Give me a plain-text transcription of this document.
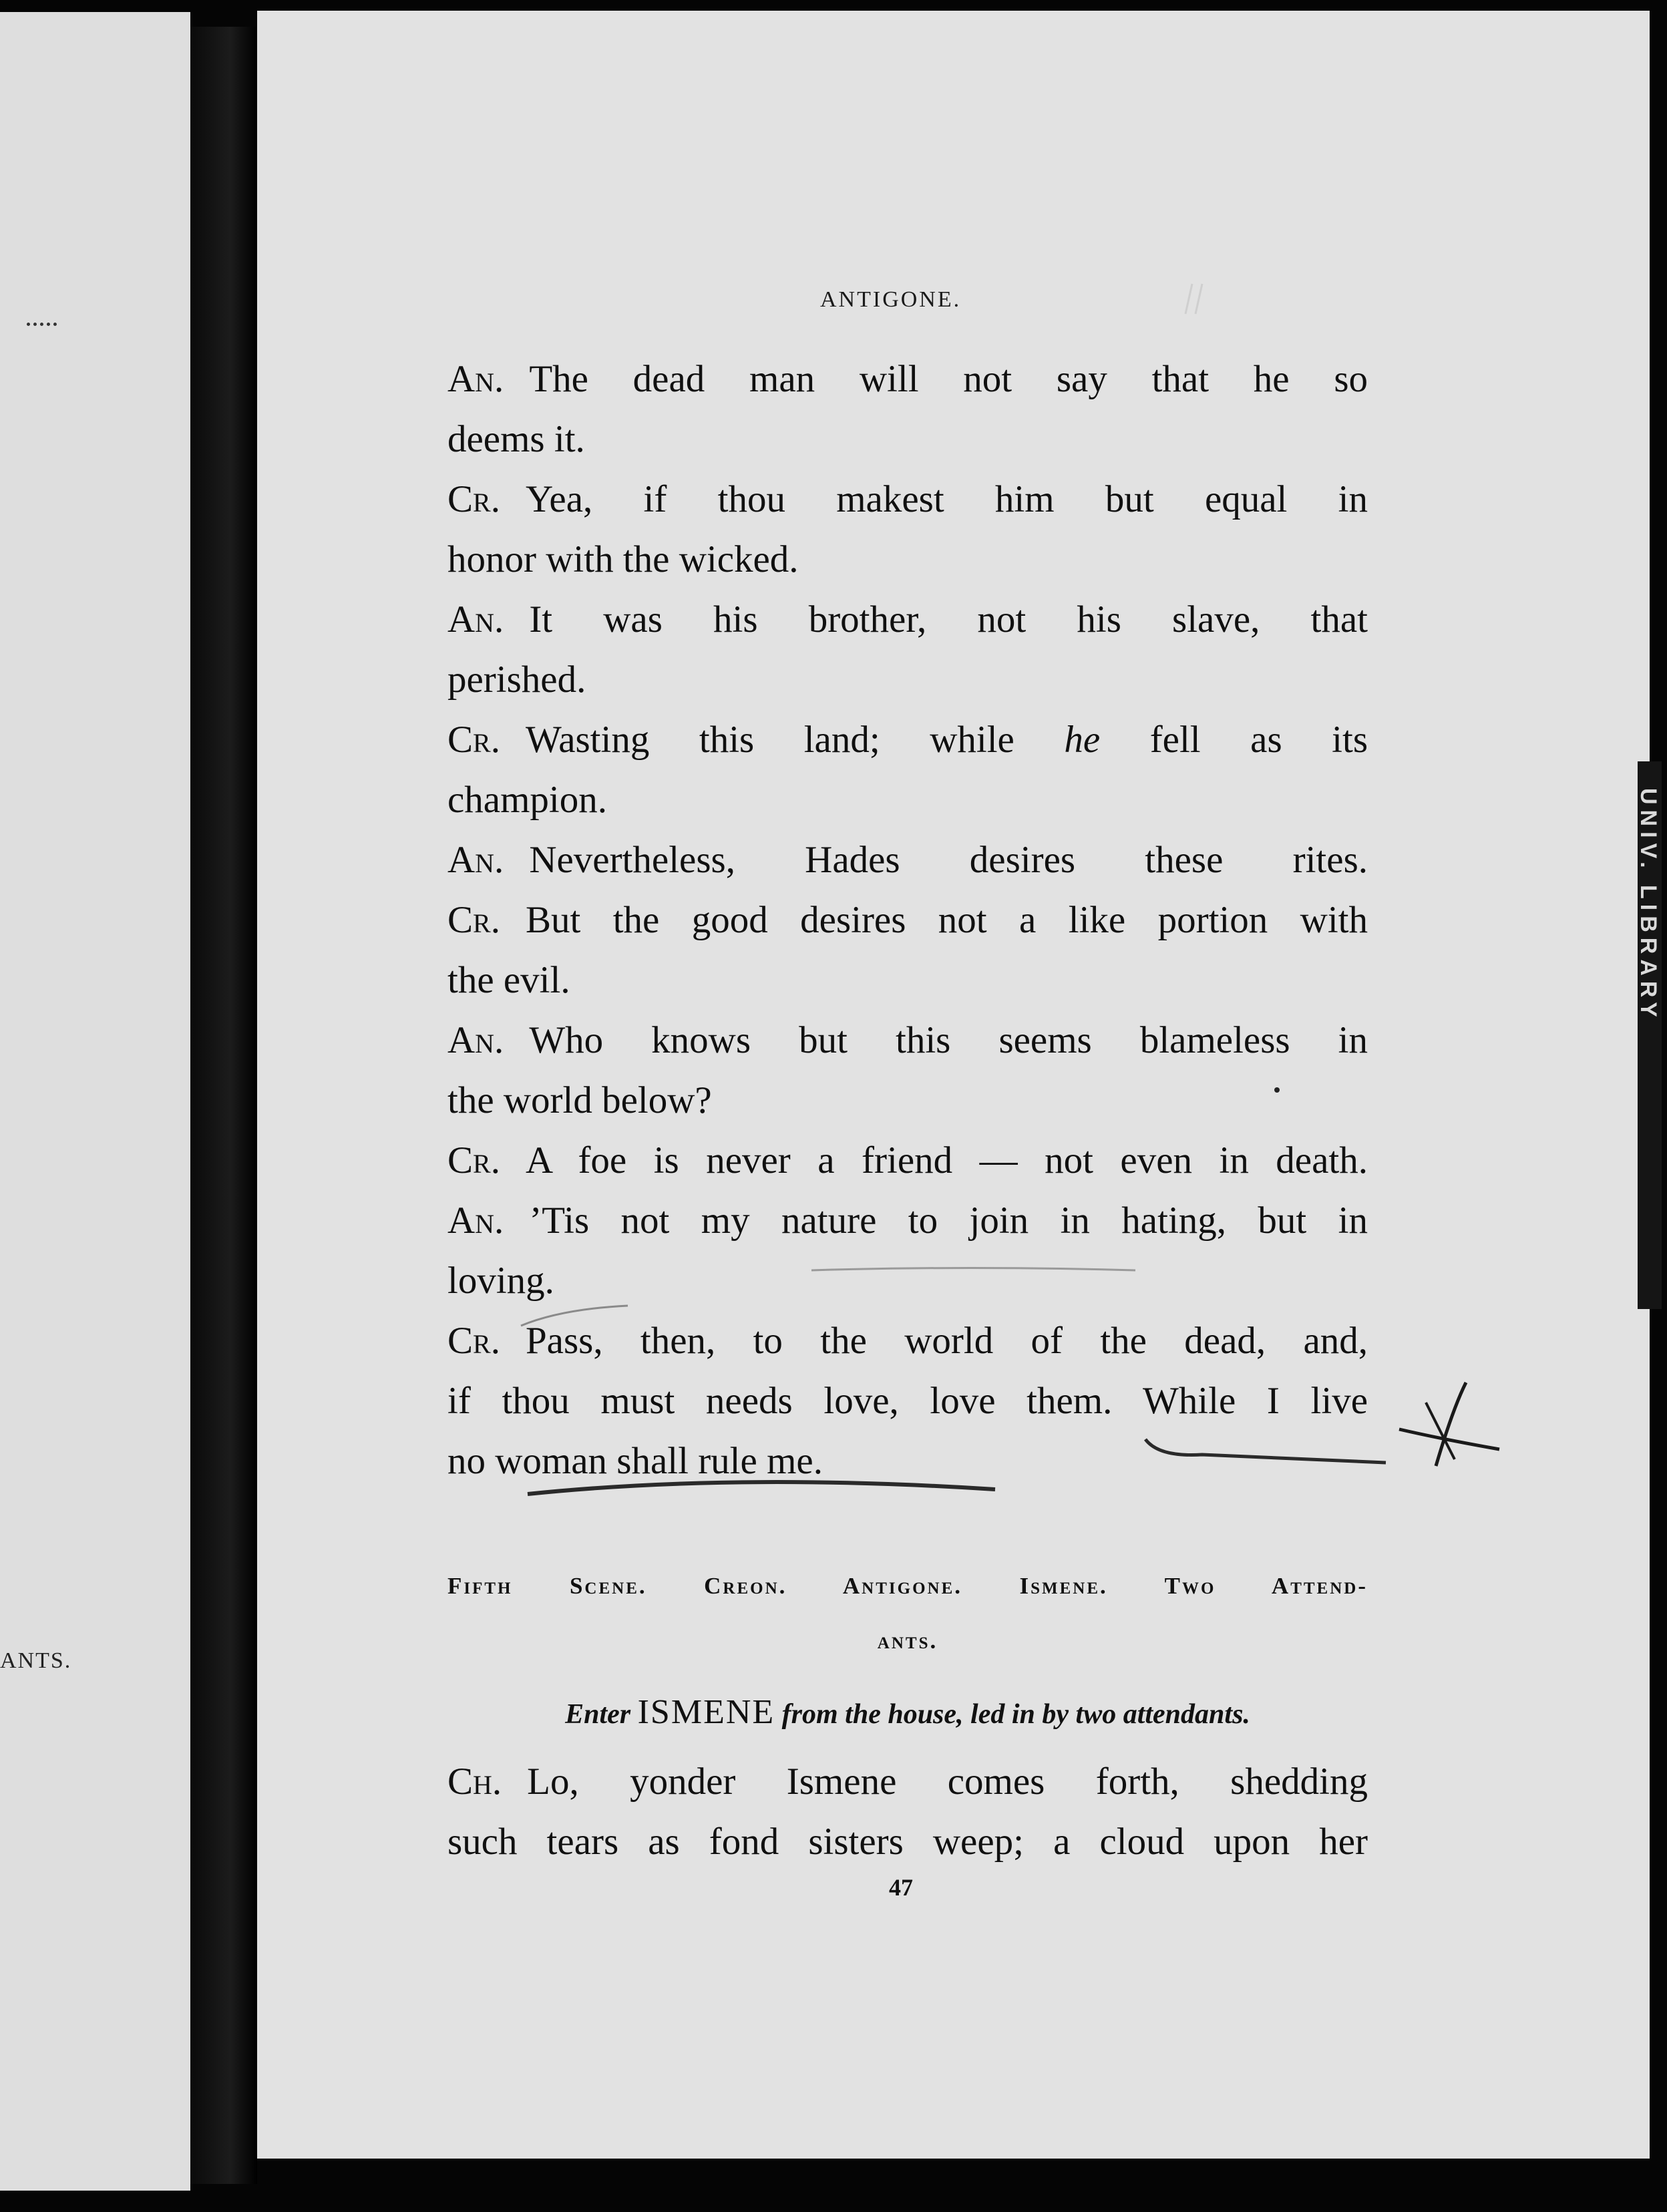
ANTS.
UNIV. LIBRARY
ANTIGONE.
An. The dead man will not say that he so
deems it.
Cr. Yea, if thou makest him but equal in
honor with the wicked.
An. It was his brother, not his slave, that
perished.
Cr. Wasting this land; while he fell as its
champion.
An. Nevertheless, Hades desires these rites.
Cr. But the good desires not a like portion with
the evil.
An. Who knows but this seems blameless in
the world below?
Cr. A foe is never a friend — not even in death.
An. ’Tis not my nature to join in hating, but in
loving.
Cr. Pass, then, to the world of the dead, and,
if thou must needs love, love them. While I live
no woman shall rule me.
Fifth Scene. Creon. Antigone. Ismene. Two Attend-
ants.
Enter ISMENE from the house, led in by two attendants.
Ch. Lo, yonder Ismene comes forth, shedding
such tears as fond sisters weep; a cloud upon her
47
